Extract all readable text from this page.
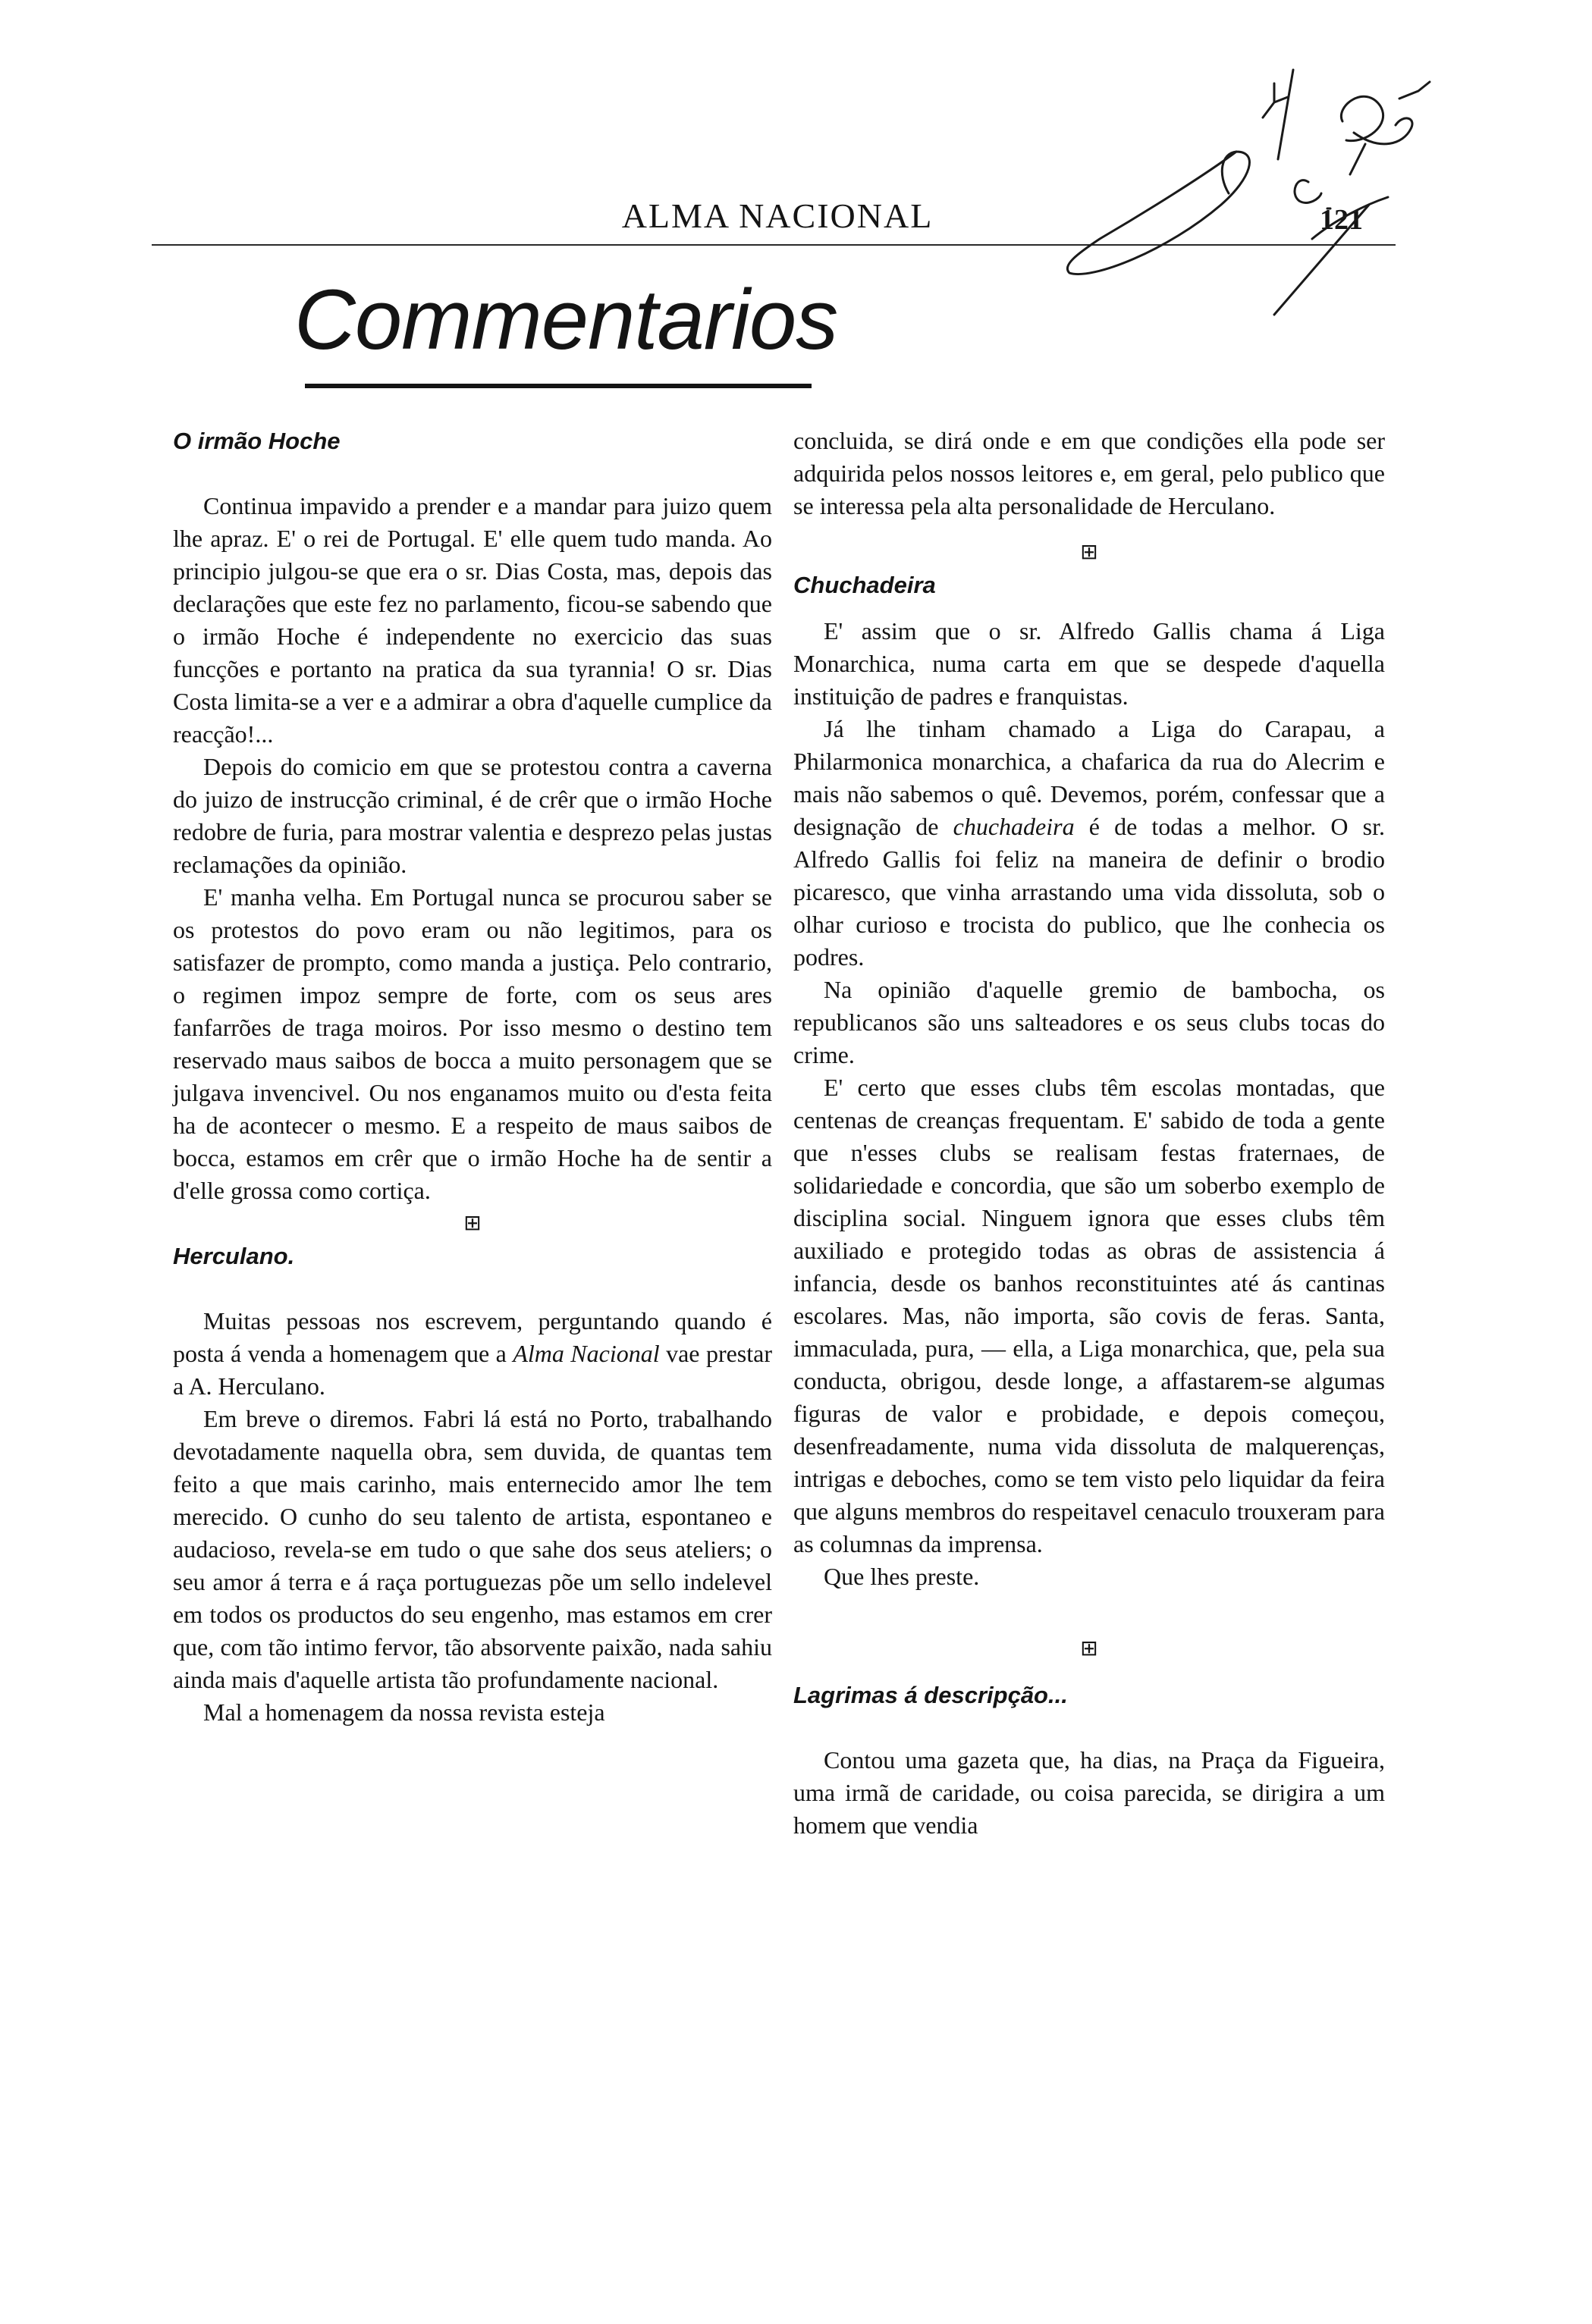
ALMA NACIONAL	121
Commentarios

O irmão Hoche

Continua impavido a prender e a mandar para juizo quem lhe apraz. E' o rei de Portugal. E' elle quem tudo manda. Ao principio julgou-se que era o sr. Dias Costa, mas, depois das declarações que este fez no parlamento, ficou-se sabendo que o irmão Hoche é independente no exercicio das suas funcções e portanto na pratica da sua tyrannia! O sr. Dias Costa limita-se a ver e a admirar a obra d'aquelle cumplice da reacção!...

Depois do comicio em que se protestou contra a caverna do juizo de instrucção criminal, é de crêr que o irmão Hoche redobre de furia, para mostrar valentia e desprezo pelas justas reclamações da opinião.

E' manha velha. Em Portugal nunca se procurou saber se os protestos do povo eram ou não legitimos, para os satisfazer de prompto, como manda a justiça. Pelo contrario, o regimen impoz sempre de forte, com os seus ares fanfarrões de traga moiros. Por isso mesmo o destino tem reservado maus saibos de bocca a muito personagem que se julgava invencivel. Ou nos enganamos muito ou d'esta feita ha de acontecer o mesmo. E a respeito de maus saibos de bocca, estamos em crêr que o irmão Hoche ha de sentir a d'elle grossa como cortiça.

⊞

Herculano.

Muitas pessoas nos escrevem, perguntando quando é posta á venda a homenagem que a Alma Nacional vae prestar a A. Herculano.

Em breve o diremos. Fabri lá está no Porto, trabalhando devotadamente naquella obra, sem duvida, de quantas tem feito a que mais carinho, mais enternecido amor lhe tem merecido. O cunho do seu talento de artista, espontaneo e audacioso, revela-se em tudo o que sahe dos seus ateliers; o seu amor á terra e á raça portuguezas põe um sello indelevel em todos os productos do seu engenho, mas estamos em crer que, com tão intimo fervor, tão absorvente paixão, nada sahiu ainda mais d'aquelle artista tão profundamente nacional.

Mal a homenagem da nossa revista esteja

concluida, se dirá onde e em que condições ella pode ser adquirida pelos nossos leitores e, em geral, pelo publico que se interessa pela alta personalidade de Herculano.

⊞

Chuchadeira

E' assim que o sr. Alfredo Gallis chama á Liga Monarchica, numa carta em que se despede d'aquella instituição de padres e franquistas.

Já lhe tinham chamado a Liga do Carapau, a Philarmonica monarchica, a chafarica da rua do Alecrim e mais não sabemos o quê. Devemos, porém, confessar que a designação de chuchadeira é de todas a melhor. O sr. Alfredo Gallis foi feliz na maneira de definir o brodio picaresco, que vinha arrastando uma vida dissoluta, sob o olhar curioso e trocista do publico, que lhe conhecia os podres.

Na opinião d'aquelle gremio de bambocha, os republicanos são uns salteadores e os seus clubs tocas do crime.

E' certo que esses clubs têm escolas montadas, que centenas de creanças frequentam. E' sabido de toda a gente que n'esses clubs se realisam festas fraternaes, de solidariedade e concordia, que são um soberbo exemplo de disciplina social. Ninguem ignora que esses clubs têm auxiliado e protegido todas as obras de assistencia á infancia, desde os banhos reconstituintes até ás cantinas escolares. Mas, não importa, são covis de feras. Santa, immaculada, pura, — ella, a Liga monarchica, que, pela sua conducta, obrigou, desde longe, a affastarem-se algumas figuras de valor e probidade, e depois começou, desenfreadamente, numa vida dissoluta de malquerenças, intrigas e deboches, como se tem visto pelo liquidar da feira que alguns membros do respeitavel cenaculo trouxeram para as columnas da imprensa.

Que lhes preste.

⊞

Lagrimas á descripção...

Contou uma gazeta que, ha dias, na Praça da Figueira, uma irmã de caridade, ou coisa parecida, se dirigira a um homem que vendia
